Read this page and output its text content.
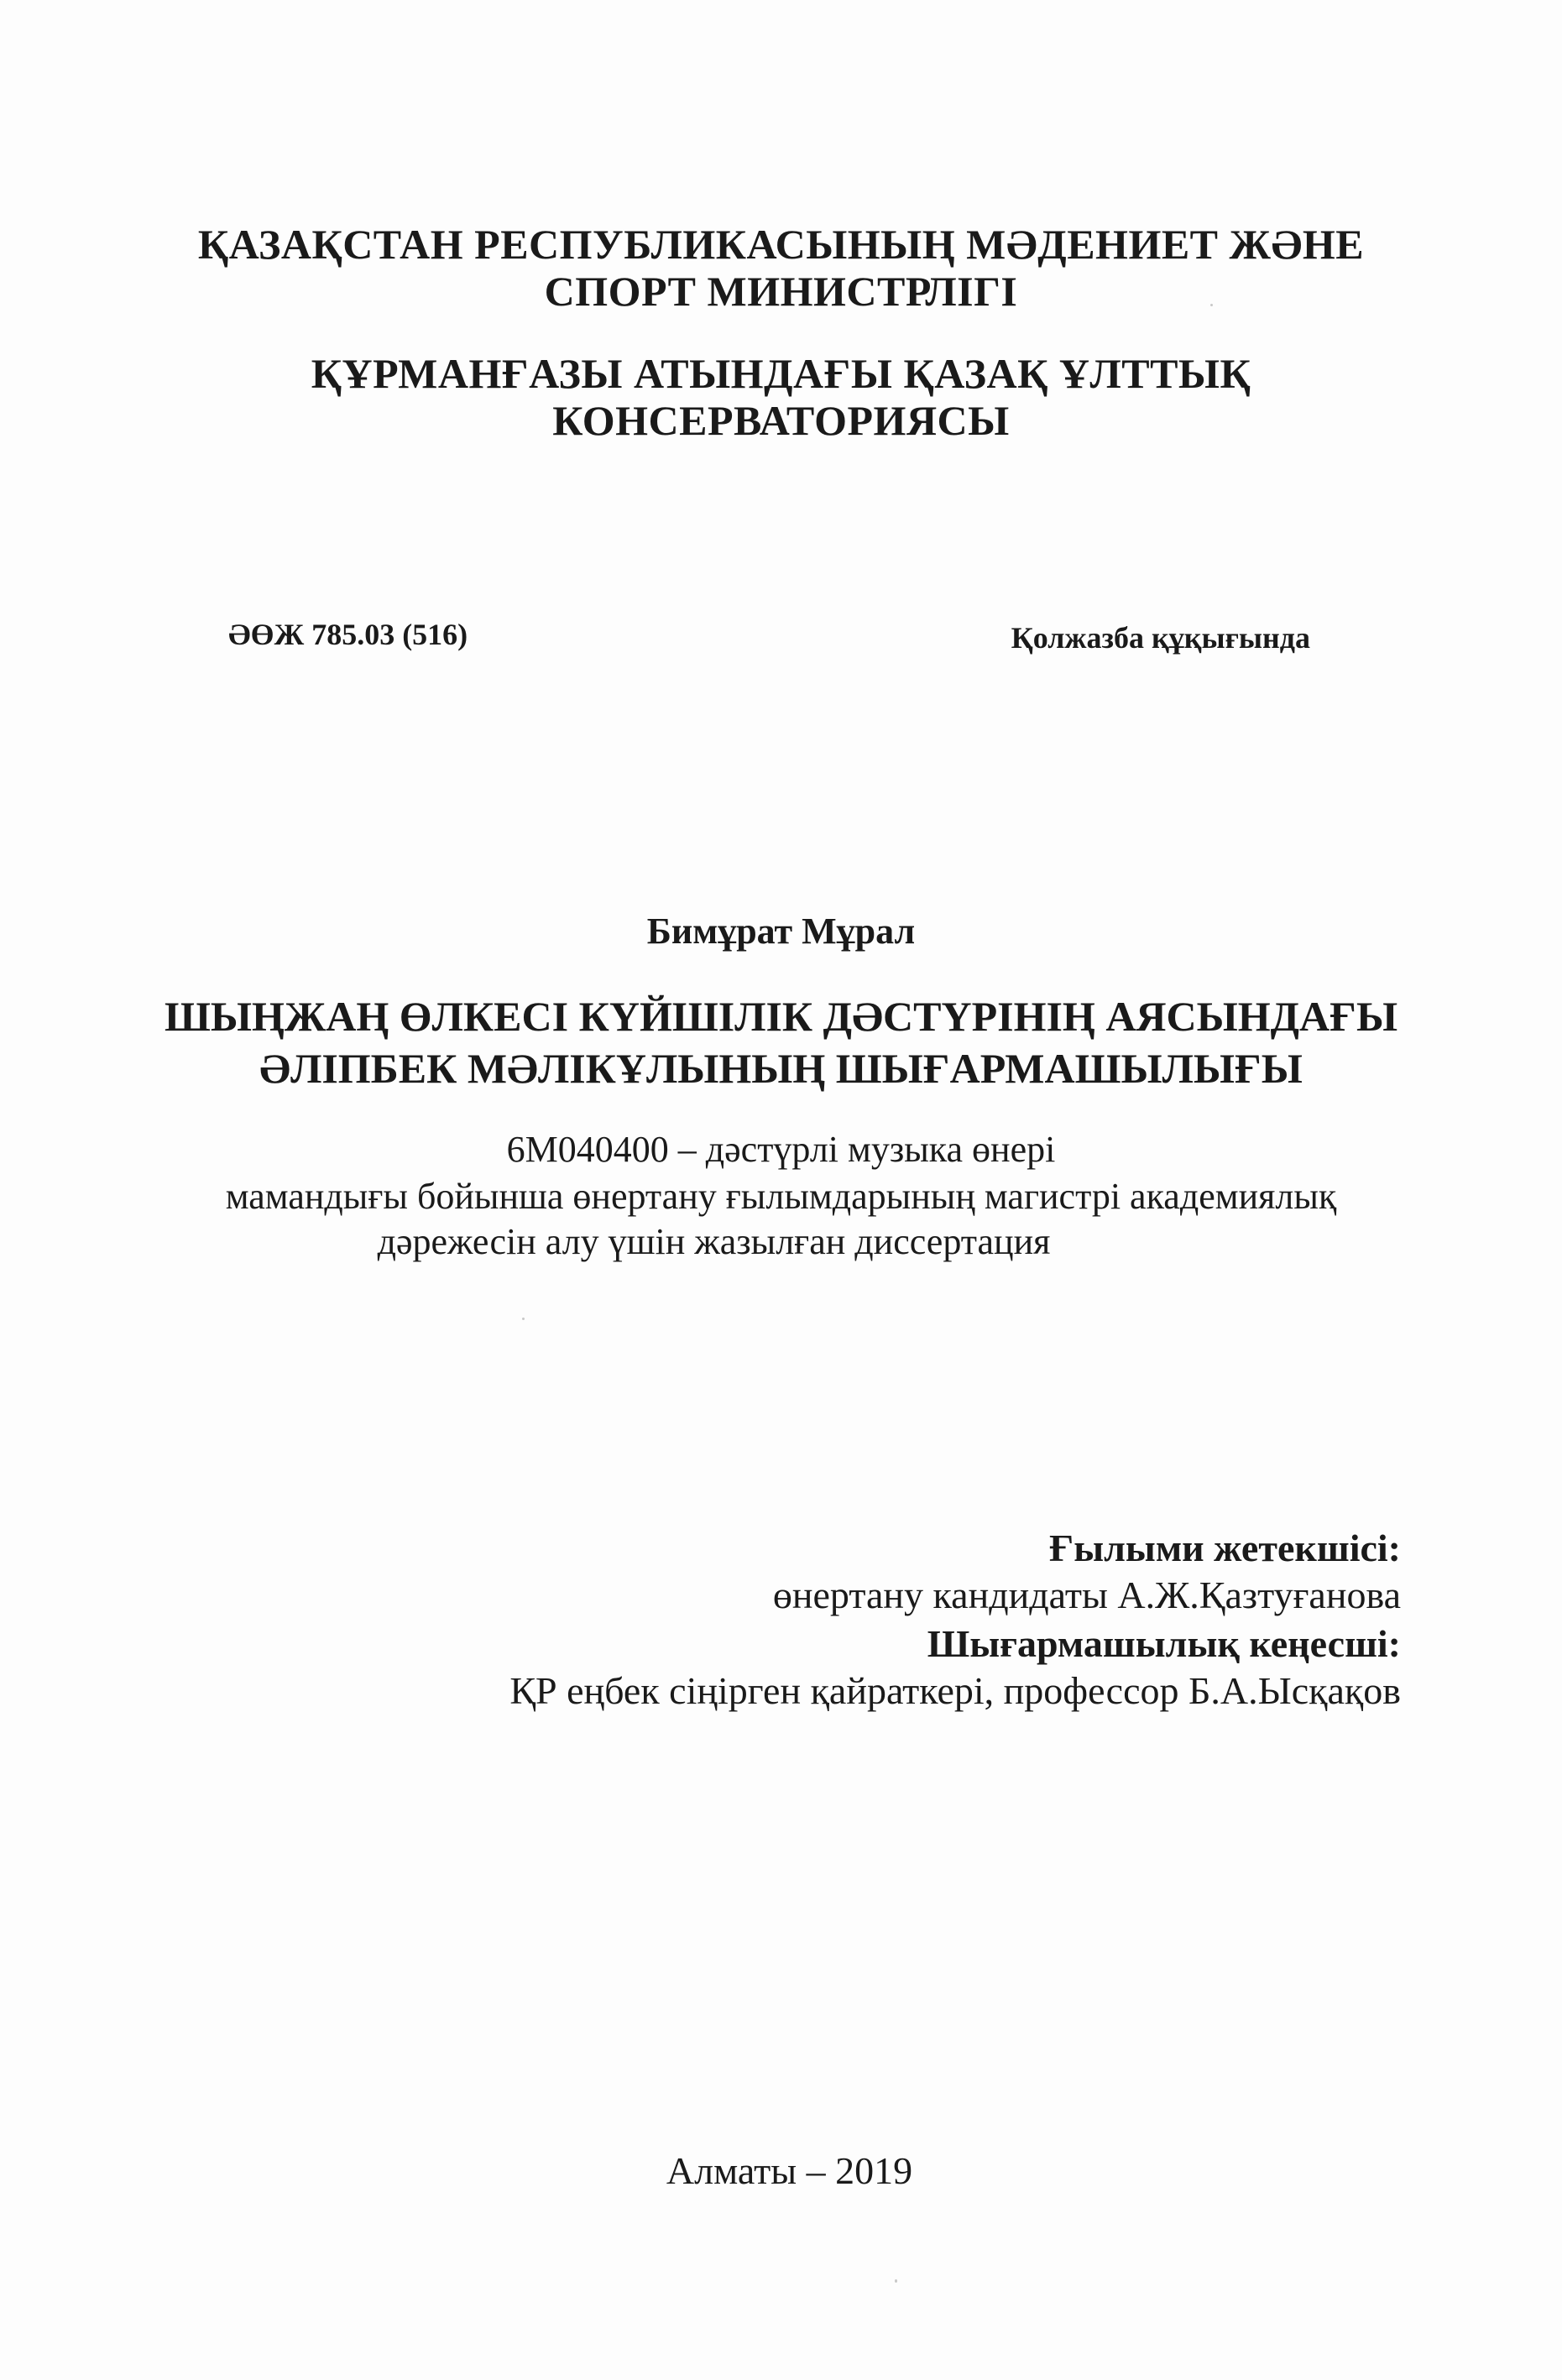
ҚАЗАҚСТАН РЕСПУБЛИКАСЫНЫҢ МӘДЕНИЕТ ЖӘНЕ
СПОРТ МИНИСТРЛІГІ
ҚҰРМАНҒАЗЫ АТЫНДАҒЫ ҚАЗАҚ ҰЛТТЫҚ
КОНСЕРВАТОРИЯСЫ
ӘӨЖ 785.03 (516)	Қолжазба құқығында
Бимұрат Мұрал
ШЫҢЖАҢ ӨЛКЕСІ КҮЙШІЛІК ДӘСТҮРІНІҢ АЯСЫНДАҒЫ
ӘЛІПБЕК МӘЛІКҰЛЫНЫҢ ШЫҒАРМАШЫЛЫҒЫ
6М040400 – дәстүрлі музыка өнері
мамандығы бойынша өнертану ғылымдарының магистрі академиялық
дәрежесін алу үшін жазылған диссертация
Ғылыми жетекшісі:
өнертану кандидаты А.Ж.Қазтуғанова
Шығармашылық кеңесші:
ҚР еңбек сіңірген қайраткері, профессор Б.А.Ысқақов
Алматы – 2019
